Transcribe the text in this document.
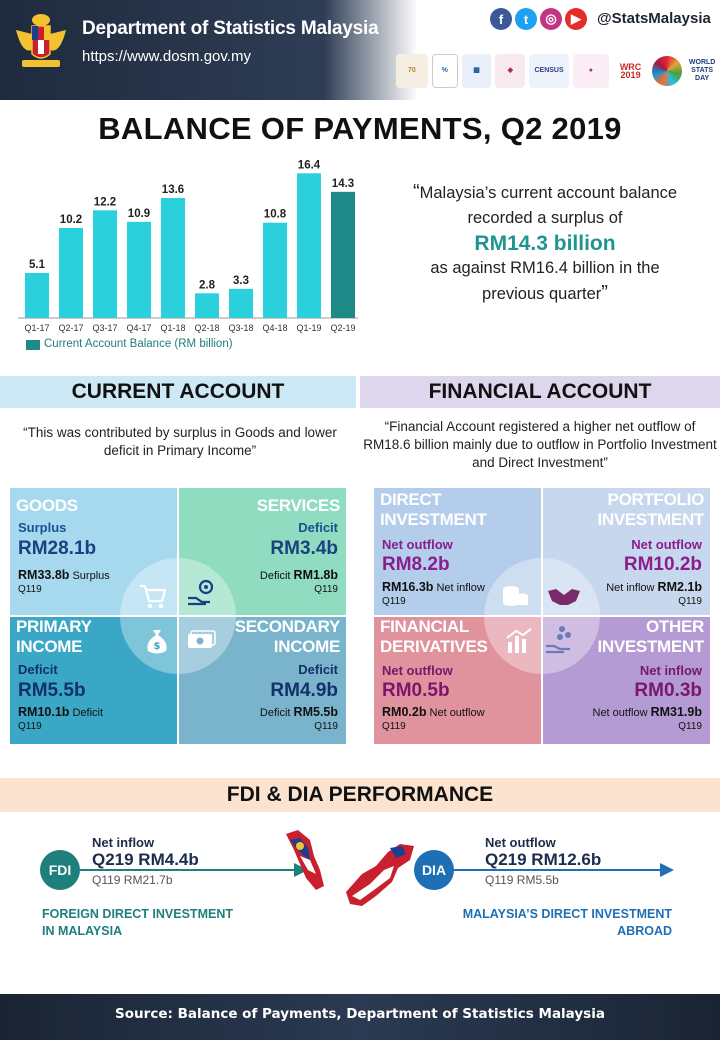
Department of Statistics Malaysia
https://www.dosm.gov.my
f	t	◎	▶	@StatsMalaysia
70	%	▦	◆	CENSUS	●	WRC 2019
WORLD STATS DAY
BALANCE OF PAYMENTS, Q2 2019
5.1
Q1-17
10.2
Q2-17
12.2
Q3-17
10.9
Q4-17
13.6
Q1-18
2.8
Q2-18
3.3
Q3-18
10.8
Q4-18
16.4
Q1-19
14.3
Q2-19
Current Account Balance (RM billion)
“Malaysia’s current account balance
recorded a surplus of
RM14.3 billion
as against RM16.4 billion in the
previous quarter”
CURRENT ACCOUNT	FINANCIAL ACCOUNT
“This was contributed by surplus in Goods and lower deficit in Primary Income”
“Financial Account registered a higher net outflow of RM18.6 billion mainly due to outflow in Portfolio Investment and Direct Investment”
GOODS
Surplus
RM28.1b
RM33.8b Surplus
Q119
SERVICES
Deficit
RM3.4b
Deficit RM1.8b
Q119
PRIMARY
INCOME
Deficit
RM5.5b
RM10.1b Deficit
Q119
SECONDARY
INCOME
Deficit
RM4.9b
Deficit RM5.5b
Q119
$
DIRECT
INVESTMENT
Net outflow
RM8.2b
RM16.3b Net inflow
Q119
PORTFOLIO
INVESTMENT
Net outflow
RM10.2b
Net inflow RM2.1b
Q119
FINANCIAL
DERIVATIVES
Net outflow
RM0.5b
RM0.2b Net outflow
Q119
OTHER
INVESTMENT
Net inflow
RM0.3b
Net outflow RM31.9b
Q119
FDI & DIA PERFORMANCE
FDI
Net inflow
Q219 RM4.4b
Q119 RM21.7b
FOREIGN DIRECT INVESTMENT
IN MALAYSIA
DIA
Net outflow
Q219 RM12.6b
Q119 RM5.5b
MALAYSIA’S DIRECT INVESTMENT
ABROAD
Source: Balance of Payments, Department of Statistics Malaysia
